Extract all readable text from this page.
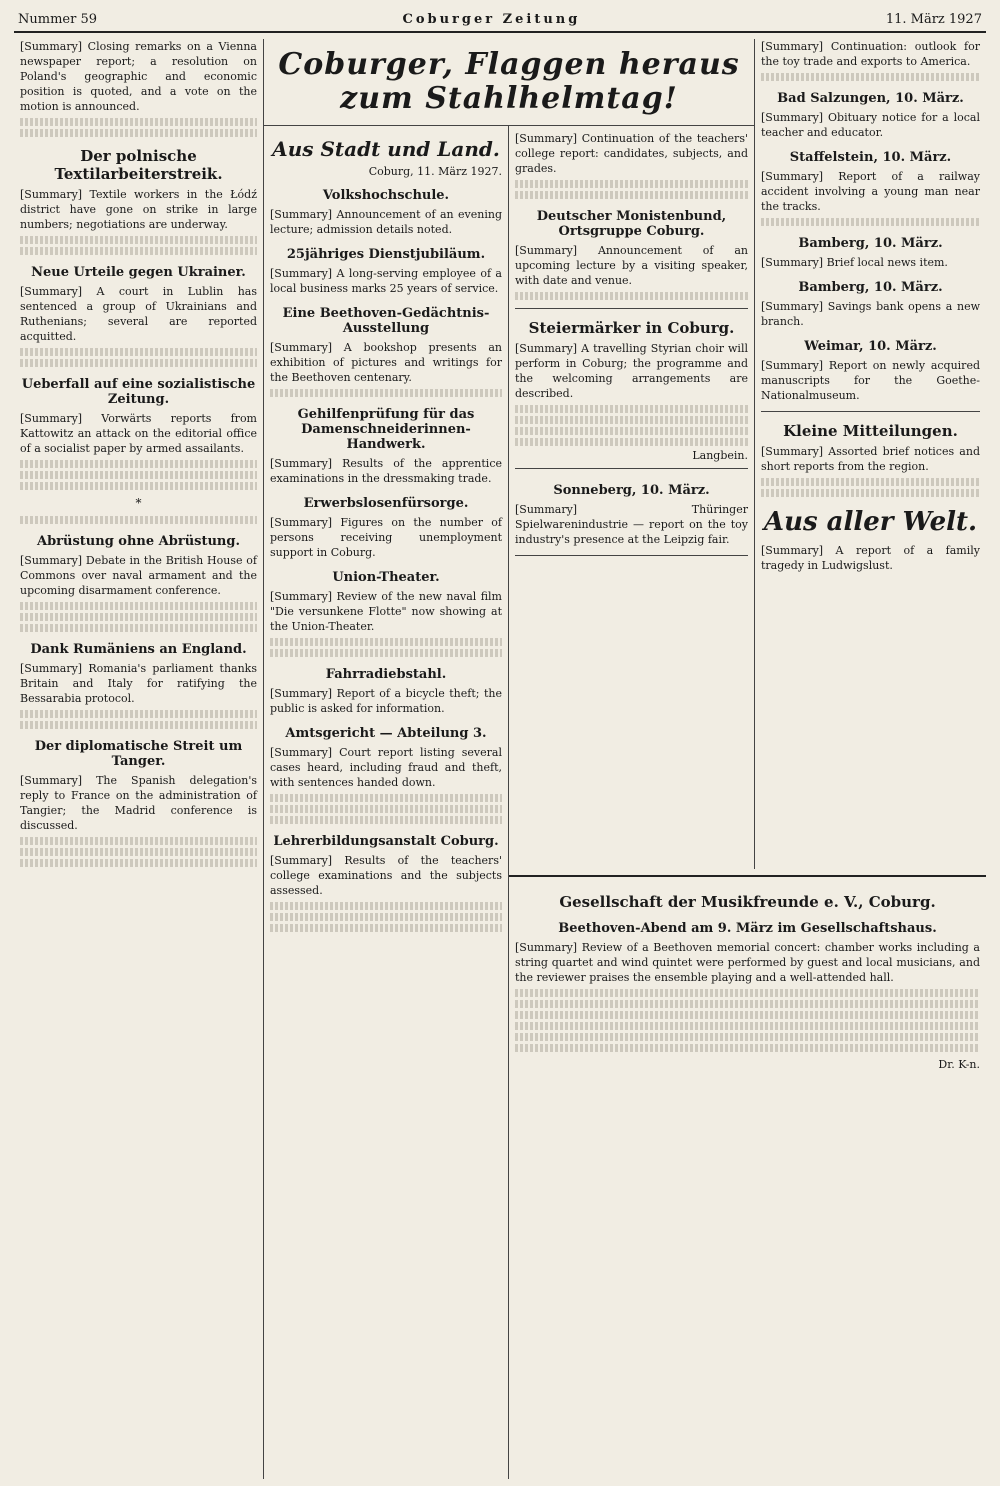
Nummer 59	Coburger Zeitung	11. März 1927
Coburger, Flaggen heraus
zum Stahlhelmtag!

[Summary] Closing remarks on a Vienna newspaper report; a resolution on Poland's geographic and economic position is quoted, and a vote on the motion is announced.

Der polnische Textilarbeiterstreik.

[Summary] Textile workers in the Łódź district have gone on strike in large numbers; negotiations are underway.

Neue Urteile gegen Ukrainer.

[Summary] A court in Lublin has sentenced a group of Ukrainians and Ruthenians; several are reported acquitted.

Ueberfall auf eine sozialistische Zeitung.

[Summary] Vorwärts reports from Kattowitz an attack on the editorial office of a socialist paper by armed assailants.

*
Abrüstung ohne Abrüstung.

[Summary] Debate in the British House of Commons over naval armament and the upcoming disarmament conference.

Dank Rumäniens an England.

[Summary] Romania's parliament thanks Britain and Italy for ratifying the Bessarabia protocol.

Der diplomatische Streit um Tanger.

[Summary] The Spanish delegation's reply to France on the administration of Tangier; the Madrid conference is discussed.

Aus Stadt und Land.
Coburg, 11. März 1927.
Volkshochschule.

[Summary] Announcement of an evening lecture; admission details noted.

25jähriges Dienstjubiläum.

[Summary] A long-serving employee of a local business marks 25 years of service.

Eine Beethoven-Gedächtnis-Ausstellung

[Summary] A bookshop presents an exhibition of pictures and writings for the Beethoven centenary.

Gehilfenprüfung für das Damenschneiderinnen-Handwerk.

[Summary] Results of the apprentice examinations in the dressmaking trade.

Erwerbslosenfürsorge.

[Summary] Figures on the number of persons receiving unemployment support in Coburg.

Union-Theater.

[Summary] Review of the new naval film "Die versunkene Flotte" now showing at the Union-Theater.

Fahrradiebstahl.

[Summary] Report of a bicycle theft; the public is asked for information.

Amtsgericht — Abteilung 3.

[Summary] Court report listing several cases heard, including fraud and theft, with sentences handed down.

Lehrerbildungsanstalt Coburg.

[Summary] Results of the teachers' college examinations and the subjects assessed.

[Summary] Continuation of the teachers' college report: candidates, subjects, and grades.

Deutscher Monistenbund, Ortsgruppe Coburg.

[Summary] Announcement of an upcoming lecture by a visiting speaker, with date and venue.

Steiermärker in Coburg.

[Summary] A travelling Styrian choir will perform in Coburg; the programme and the welcoming arrangements are described.

Langbein.
Sonneberg, 10. März.

[Summary] Thüringer Spielwarenindustrie — report on the toy industry's presence at the Leipzig fair.

[Summary] Continuation: outlook for the toy trade and exports to America.

Bad Salzungen, 10. März.

[Summary] Obituary notice for a local teacher and educator.

Staffelstein, 10. März.

[Summary] Report of a railway accident involving a young man near the tracks.

Bamberg, 10. März.

[Summary] Brief local news item.

Bamberg, 10. März.

[Summary] Savings bank opens a new branch.

Weimar, 10. März.

[Summary] Report on newly acquired manuscripts for the Goethe-Nationalmuseum.

Kleine Mitteilungen.

[Summary] Assorted brief notices and short reports from the region.

Aus aller Welt.

[Summary] A report of a family tragedy in Ludwigslust.

Gesellschaft der Musikfreunde e. V., Coburg.
Beethoven-Abend am 9. März im Gesellschaftshaus.

[Summary] Review of a Beethoven memorial concert: chamber works including a string quartet and wind quintet were performed by guest and local musicians, and the reviewer praises the ensemble playing and a well-attended hall.

Dr. K-n.
